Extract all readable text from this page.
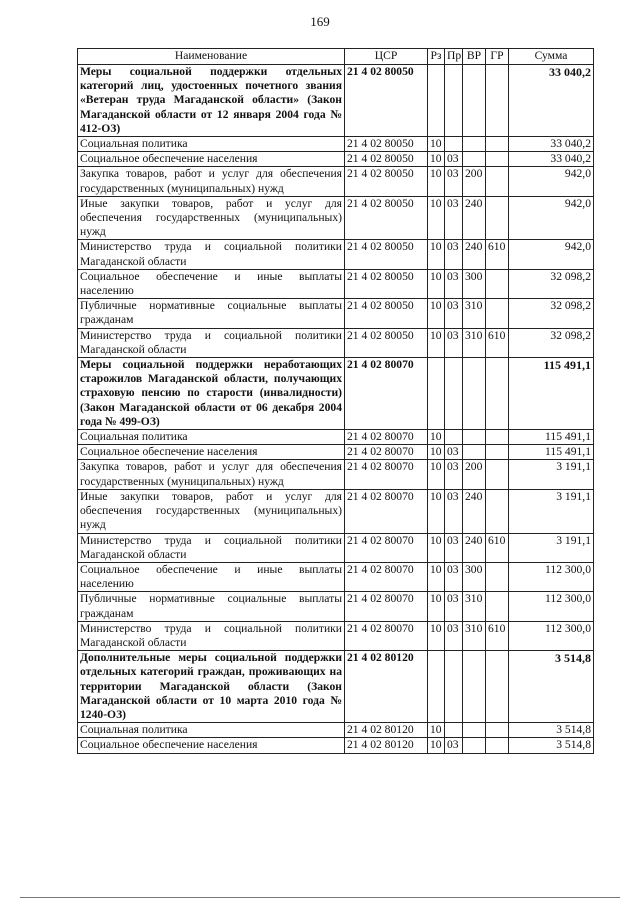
169
Наименование	ЦСР	Рз	Пр	ВР	ГР	Сумма
Меры социальной поддержки отдельных категорий лиц, удостоенных почетного звания «Ветеран труда Магаданской области» (Закон Магаданской области от 12 января 2004 года № 412-ОЗ)	21 4 02 80050					33 040,2
Социальная политика	21 4 02 80050	10				33 040,2
Социальное обеспечение населения	21 4 02 80050	10	03			33 040,2
Закупка товаров, работ и услуг для обеспечения государственных (муниципальных) нужд	21 4 02 80050	10	03	200		942,0
Иные закупки товаров, работ и услуг для обеспечения государственных (муниципальных) нужд	21 4 02 80050	10	03	240		942,0
Министерство труда и социальной политики Магаданской области	21 4 02 80050	10	03	240	610	942,0
Социальное обеспечение и иные выплаты населению	21 4 02 80050	10	03	300		32 098,2
Публичные нормативные социальные выплаты гражданам	21 4 02 80050	10	03	310		32 098,2
Министерство труда и социальной политики Магаданской области	21 4 02 80050	10	03	310	610	32 098,2
Меры социальной поддержки неработающих старожилов Магаданской области, получающих страховую пенсию по старости (инвалидности) (Закон Магаданской области от 06 декабря 2004 года № 499-ОЗ)	21 4 02 80070					115 491,1
Социальная политика	21 4 02 80070	10				115 491,1
Социальное обеспечение населения	21 4 02 80070	10	03			115 491,1
Закупка товаров, работ и услуг для обеспечения государственных (муниципальных) нужд	21 4 02 80070	10	03	200		3 191,1
Иные закупки товаров, работ и услуг для обеспечения государственных (муниципальных) нужд	21 4 02 80070	10	03	240		3 191,1
Министерство труда и социальной политики Магаданской области	21 4 02 80070	10	03	240	610	3 191,1
Социальное обеспечение и иные выплаты населению	21 4 02 80070	10	03	300		112 300,0
Публичные нормативные социальные выплаты гражданам	21 4 02 80070	10	03	310		112 300,0
Министерство труда и социальной политики Магаданской области	21 4 02 80070	10	03	310	610	112 300,0
Дополнительные меры социальной поддержки отдельных категорий граждан, проживающих на территории Магаданской области (Закон Магаданской области от 10 марта 2010 года № 1240-ОЗ)	21 4 02 80120					3 514,8
Социальная политика	21 4 02 80120	10				3 514,8
Социальное обеспечение населения	21 4 02 80120	10	03			3 514,8
